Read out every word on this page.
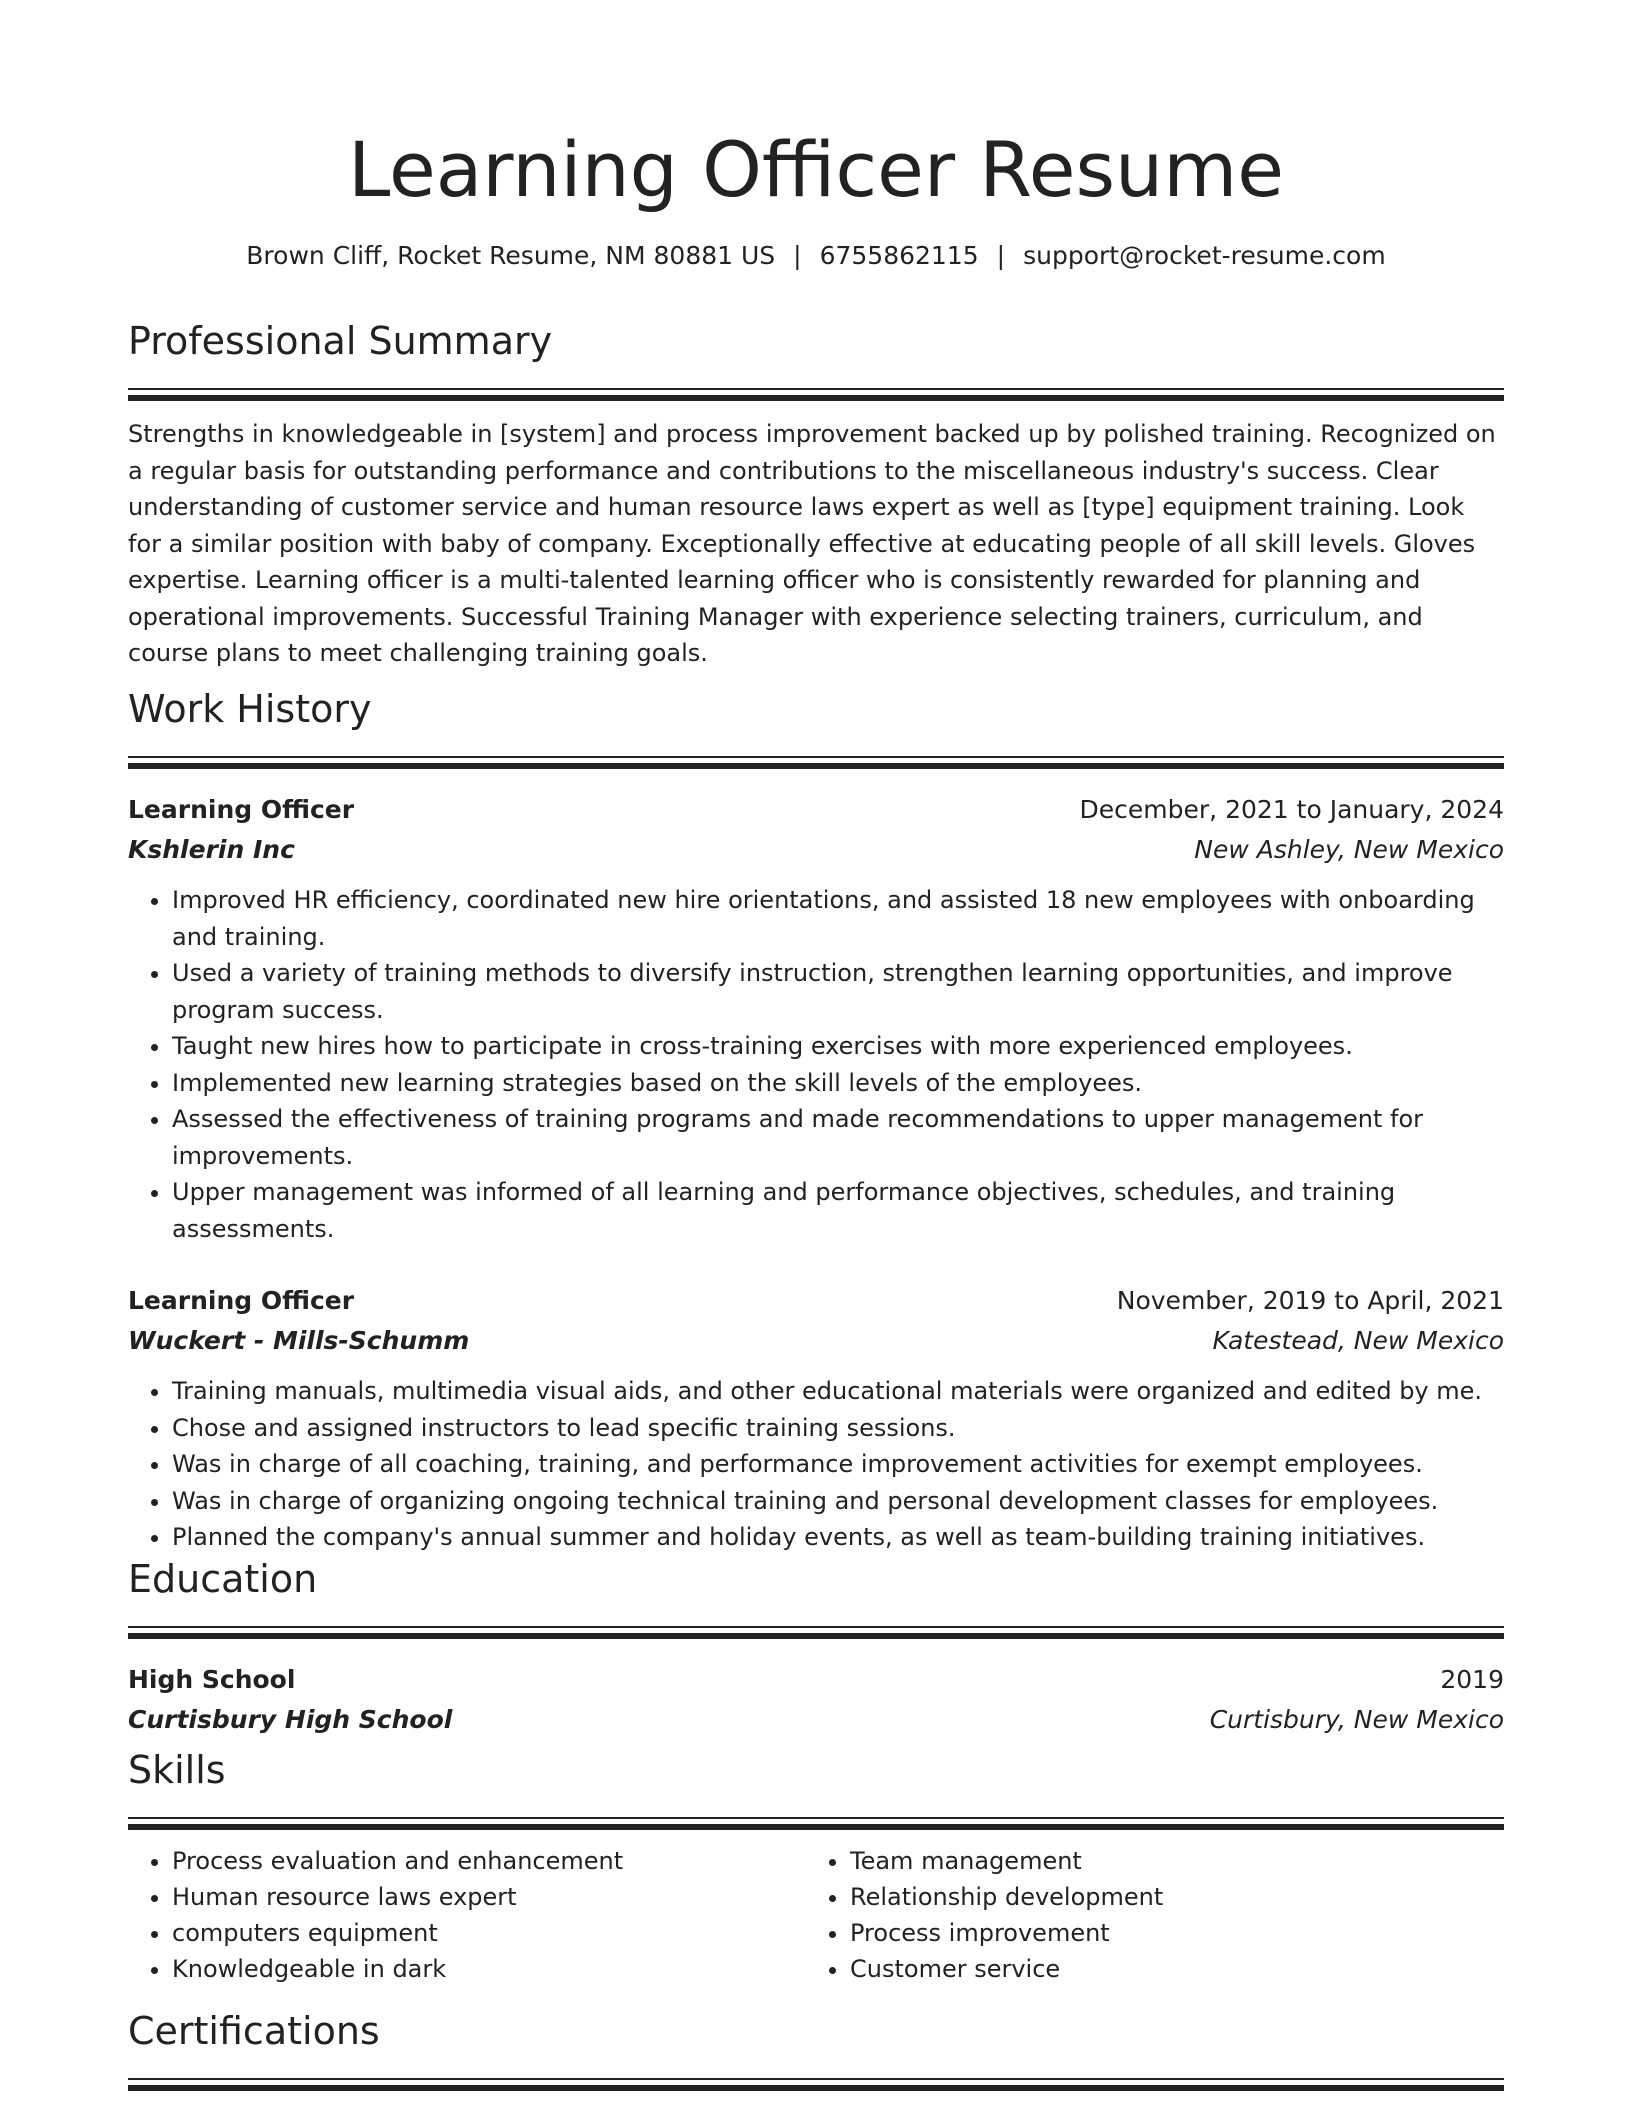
Learning Officer Resume
Brown Cliff, Rocket Resume, NM 80881 US | 6755862115 | support@rocket-resume.com
Professional Summary
Strengths in knowledgeable in [system] and process improvement backed up by polished training. Recognized on a regular basis for outstanding performance and contributions to the miscellaneous industry's success. Clear understanding of customer service and human resource laws expert as well as [type] equipment training. Look for a similar position with baby of company. Exceptionally effective at educating people of all skill levels. Gloves expertise. Learning officer is a multi-talented learning officer who is consistently rewarded for planning and operational improvements. Successful Training Manager with experience selecting trainers, curriculum, and course plans to meet challenging training goals.
Work History
Learning Officer	December, 2021 to January, 2024
Kshlerin Inc	New Ashley, New Mexico
• Improved HR efficiency, coordinated new hire orientations, and assisted 18 new employees with onboarding and training.
• Used a variety of training methods to diversify instruction, strengthen learning opportunities, and improve program success.
• Taught new hires how to participate in cross-training exercises with more experienced employees.
• Implemented new learning strategies based on the skill levels of the employees.
• Assessed the effectiveness of training programs and made recommendations to upper management for improvements.
• Upper management was informed of all learning and performance objectives, schedules, and training assessments.
Learning Officer	November, 2019 to April, 2021
Wuckert - Mills-Schumm	Katestead, New Mexico
• Training manuals, multimedia visual aids, and other educational materials were organized and edited by me.
• Chose and assigned instructors to lead specific training sessions.
• Was in charge of all coaching, training, and performance improvement activities for exempt employees.
• Was in charge of organizing ongoing technical training and personal development classes for employees.
• Planned the company's annual summer and holiday events, as well as team-building training initiatives.
Education
High School	2019
Curtisbury High School	Curtisbury, New Mexico
Skills
• Process evaluation and enhancement
• Human resource laws expert
• computers equipment
• Knowledgeable in dark
• Team management
• Relationship development
• Process improvement
• Customer service
Certifications
